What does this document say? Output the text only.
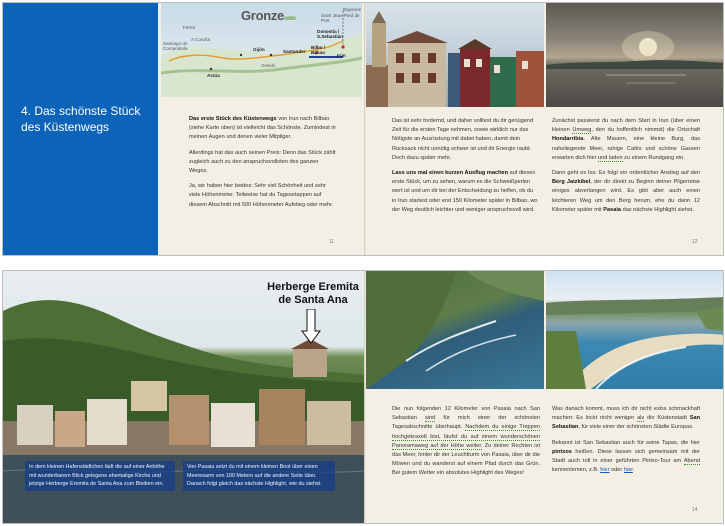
4. Das schönste Stück des Küstenwegs
Gronzecom
Santiago de Compostela
A Coruña
Ferrol
Gijón
Oviedo
Santander
Bilbo / Bilbao
Donostia / S.Sebastián
Irún
Bayonne
Saint Jean Pied de Port
Arzúa

Das erste Stück des Küstenwegs von Irun nach Bilbao (siehe Karte oben) ist vielleicht das Schönste. Zumindest in meinen Augen und denen vieler Mitpilger.

Allerdings hat das auch seinen Preis: Denn das Stück zählt zugleich auch zu den anspruchsvollsten des ganzen Weges.

Ja, wir haben hier beides: Sehr viel Schönheit und sehr viele Höhenmeter. Teilweise hat du Tagesetappen auf diesem Abschnitt mit 500 Höhenmeter Aufstieg oder mehr.

11

Das ist sehr fordernd, und daher solltest du dir genügend Zeit für die ersten Tage nehmen, sowie wirklich nur das Nötigste an Ausrüstung mit dabei haben, damit dein Rucksack nicht unnötig schwer ist und dir Energie raubt. Doch dazu später mehr.

Lass uns mal einen kurzen Ausflug machen auf dieses erste Stück, um zu sehen, warum es die Schweißperlen wert ist und um dir bei der Entscheidung zu helfen, ob du in Irun startest oder erst 150 Kilometer später in Bilbao, wo der Weg deutlich leichter und weniger anspruchsvoll wird.

Zunächst passierst du nach dem Start in Irun (über einen kleinen Umweg, den du hoffentlich nimmst) die Ortschaft Hondarribia. Alte Mauern, eine kleine Burg, das naheliegende Meer, ruhige Cafés und schöne Gassen erwarten dich hier und laden zu einem Rundgang ein.

Dann geht es los: Es folgt ein ordentlicher Anstieg auf den Berg Jaizkibel, der dir direkt zu Beginn deiner Pilgerreise einiges abverlangen wird. Es gibt aber auch einen leichteren Weg um den Berg herum, ehe du dann 12 Kilometer später mit Pasaia das nächste Highlight siehst.

12
Herberge Eremita de Santa Ana
In dem kleinen Hafenstädtchen lädt die auf einer Anhöhe mit wunderbarem Blick gelegene ehemalige Kirche und jetzige Herberge Eremita de Santa Ana zum Bleiben ein.
Von Pasaia setzt du mit einem kleinen Boot über einen Meeresarm von 100 Metern auf die andere Seite über. Danach folgt gleich das nächste Highlight, wie du siehst.

Die nun folgenden 12 Kilometer von Pasaia nach San Sebastian sind für mich einer der schönsten Tagesabschnitte überhaupt. Nachdem du einige Treppen hochgekraxelt bist, läufst du auf einem wunderschönen Panoramaweg auf der Höhe weiter. Zu deiner Rechten ist das Meer, hinter dir der Leuchtturm von Pasaia, über dir die Möwen und du wanderst auf einem Pfad durch das Grün. Bei gutem Wetter ein absolutes Highlight des Weges!

Was danach kommt, muss ich dir nicht extra schmackhaft machen: Es lockt nicht weniger als die Küstenstadt San Sebastian, für viele einer der schönsten Städte Europas.

Bekannt ist San Sebastian auch für seine Tapas, die hier pintxos heißen. Diese lassen sich gemeinsam mit der Stadt auch toll in einer geführten Pintxo-Tour am Abend kennenlernen, z.B. hier oder hier.

14
